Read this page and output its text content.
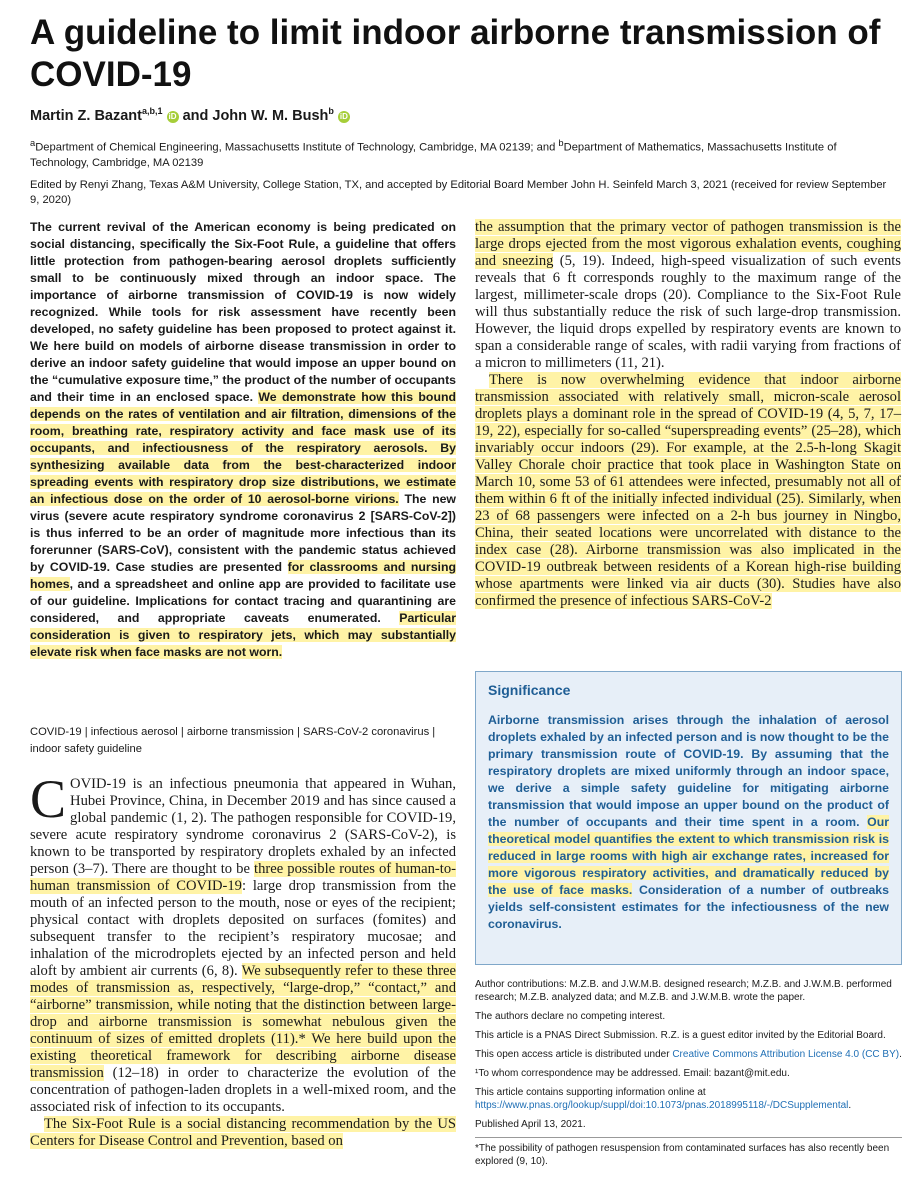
A guideline to limit indoor airborne transmission of COVID-19
Martin Z. Bazant$^{a,b,1}$ iD and John W. M. Bush$^b$ iD
$^a$Department of Chemical Engineering, Massachusetts Institute of Technology, Cambridge, MA 02139; and $^b$Department of Mathematics, Massachusetts Institute of Technology, Cambridge, MA 02139
Edited by Renyi Zhang, Texas A&M University, College Station, TX, and accepted by Editorial Board Member John H. Seinfeld March 3, 2021 (received for review September 9, 2020)

The current revival of the American economy is being predicated on social distancing, specifically the Six-Foot Rule, a guideline that offers little protection from pathogen-bearing aerosol droplets sufficiently small to be continuously mixed through an indoor space. The importance of airborne transmission of COVID-19 is now widely recognized. While tools for risk assessment have recently been developed, no safety guideline has been proposed to protect against it. We here build on models of airborne disease transmission in order to derive an indoor safety guideline that would impose an upper bound on the “cumulative exposure time,” the product of the number of occupants and their time in an enclosed space. We demonstrate how this bound depends on the rates of ventilation and air filtration, dimensions of the room, breathing rate, respiratory activity and face mask use of its occupants, and infectiousness of the respiratory aerosols. By synthesizing available data from the best-characterized indoor spreading events with respiratory drop size distributions, we estimate an infectious dose on the order of 10 aerosol-borne virions. The new virus (severe acute respiratory syndrome coronavirus 2 [SARS-CoV-2]) is thus inferred to be an order of magnitude more infectious than its forerunner (SARS-CoV), consistent with the pandemic status achieved by COVID-19. Case studies are presented for classrooms and nursing homes, and a spreadsheet and online app are provided to facilitate use of our guideline. Implications for contact tracing and quarantining are considered, and appropriate caveats enumerated. Particular consideration is given to respiratory jets, which may substantially elevate risk when face masks are not worn.

COVID-19 | infectious aerosol | airborne transmission | SARS-CoV-2 coronavirus | indoor safety guideline

COVID-19 is an infectious pneumonia that appeared in Wuhan, Hubei Province, China, in December 2019 and has since caused a global pandemic (1, 2). The pathogen responsible for COVID-19, severe acute respiratory syndrome coronavirus 2 (SARS-CoV-2), is known to be transported by respiratory droplets exhaled by an infected person (3–7). There are thought to be three possible routes of human-to-human transmission of COVID-19: large drop transmission from the mouth of an infected person to the mouth, nose or eyes of the recipient; physical contact with droplets deposited on surfaces (fomites) and subsequent transfer to the recipient’s respiratory mucosae; and inhalation of the microdroplets ejected by an infected person and held aloft by ambient air currents (6, 8). We subsequently refer to these three modes of transmission as, respectively, “large-drop,” “contact,” and “airborne” transmission, while noting that the distinction between large-drop and airborne transmission is somewhat nebulous given the continuum of sizes of emitted droplets (11).* We here build upon the existing theoretical framework for describing airborne disease transmission (12–18) in order to characterize the evolution of the concentration of pathogen-laden droplets in a well-mixed room, and the associated risk of infection to its occupants.

The Six-Foot Rule is a social distancing recommendation by the US Centers for Disease Control and Prevention, based on

the assumption that the primary vector of pathogen transmission is the large drops ejected from the most vigorous exhalation events, coughing and sneezing (5, 19). Indeed, high-speed visualization of such events reveals that 6 ft corresponds roughly to the maximum range of the largest, millimeter-scale drops (20). Compliance to the Six-Foot Rule will thus substantially reduce the risk of such large-drop transmission. However, the liquid drops expelled by respiratory events are known to span a considerable range of scales, with radii varying from fractions of a micron to millimeters (11, 21).

There is now overwhelming evidence that indoor airborne transmission associated with relatively small, micron-scale aerosol droplets plays a dominant role in the spread of COVID-19 (4, 5, 7, 17–19, 22), especially for so-called “superspreading events” (25–28), which invariably occur indoors (29). For example, at the 2.5-h-long Skagit Valley Chorale choir practice that took place in Washington State on March 10, some 53 of 61 attendees were infected, presumably not all of them within 6 ft of the initially infected individual (25). Similarly, when 23 of 68 passengers were infected on a 2-h bus journey in Ningbo, China, their seated locations were uncorrelated with distance to the index case (28). Airborne transmission was also implicated in the COVID-19 outbreak between residents of a Korean high-rise building whose apartments were linked via air ducts (30). Studies have also confirmed the presence of infectious SARS-CoV-2

Significance

Airborne transmission arises through the inhalation of aerosol droplets exhaled by an infected person and is now thought to be the primary transmission route of COVID-19. By assuming that the respiratory droplets are mixed uniformly through an indoor space, we derive a simple safety guideline for mitigating airborne transmission that would impose an upper bound on the product of the number of occupants and their time spent in a room. Our theoretical model quantifies the extent to which transmission risk is reduced in large rooms with high air exchange rates, increased for more vigorous respiratory activities, and dramatically reduced by the use of face masks. Consideration of a number of outbreaks yields self-consistent estimates for the infectiousness of the new coronavirus.

Author contributions: M.Z.B. and J.W.M.B. designed research; M.Z.B. and J.W.M.B. performed research; M.Z.B. analyzed data; and M.Z.B. and J.W.M.B. wrote the paper.

The authors declare no competing interest.

This article is a PNAS Direct Submission. R.Z. is a guest editor invited by the Editorial Board.

This open access article is distributed under Creative Commons Attribution License 4.0 (CC BY).

¹To whom correspondence may be addressed. Email: bazant@mit.edu.

This article contains supporting information online at https://www.pnas.org/lookup/suppl/doi:10.1073/pnas.2018995118/-/DCSupplemental.

Published April 13, 2021.

*The possibility of pathogen resuspension from contaminated surfaces has also recently been explored (9, 10).
